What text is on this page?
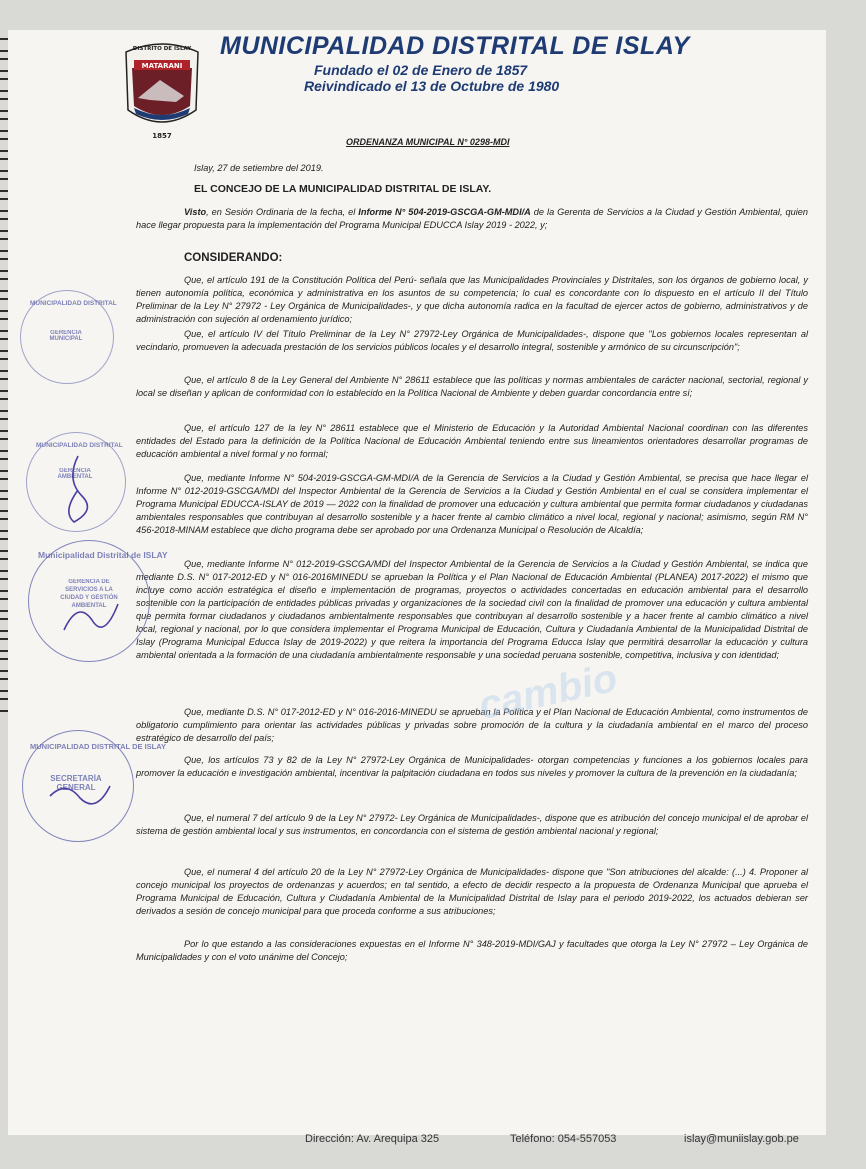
1857
DISTRITO DE ISLAY
MATARANI
MUNICIPALIDAD DISTRITAL DE ISLAY
Fundado el 02 de Enero de 1857
Reivindicado el 13 de Octubre de 1980
ORDENANZA MUNICIPAL N° 0298-MDI

Islay, 27 de setiembre del 2019.

EL CONCEJO DE LA MUNICIPALIDAD DISTRITAL DE ISLAY.

Visto, en Sesión Ordinaria de la fecha, el Informe N° 504-2019-GSCGA-GM-MDI/A de la Gerenta de Servicios a la Ciudad y Gestión Ambiental, quien hace llegar propuesta para la implementación del Programa Municipal EDUCCA Islay 2019 - 2022, y;

CONSIDERANDO:

Que, el artículo 191 de la Constitución Política del Perú- señala que las Municipalidades Provinciales y Distritales, son los órganos de gobierno local, y tienen autonomía política, económica y administrativa en los asuntos de su competencia; lo cual es concordante con lo dispuesto en el artículo II del Título Preliminar de la Ley N° 27972 - Ley Orgánica de Municipalidades-, y que dicha autonomía radica en la facultad de ejercer actos de gobierno, administrativos y de administración con sujeción al ordenamiento jurídico;

Que, el artículo IV del Título Preliminar de la Ley N° 27972-Ley Orgánica de Municipalidades-, dispone que "Los gobiernos locales representan al vecindario, promueven la adecuada prestación de los servicios públicos locales y el desarrollo integral, sostenible y armónico de su circunscripción";

Que, el artículo 8 de la Ley General del Ambiente N° 28611 establece que las políticas y normas ambientales de carácter nacional, sectorial, regional y local se diseñan y aplican de conformidad con lo establecido en la Política Nacional de Ambiente y deben guardar concordancia entre sí;

Que, el artículo 127 de la ley N° 28611 establece que el Ministerio de Educación y la Autoridad Ambiental Nacional coordinan con las diferentes entidades del Estado para la definición de la Política Nacional de Educación Ambiental teniendo entre sus lineamientos orientadores desarrollar programas de educación ambiental a nivel formal y no formal;

Que, mediante Informe N° 504-2019-GSCGA-GM-MDI/A de la Gerencia de Servicios a la Ciudad y Gestión Ambiental, se precisa que hace llegar el Informe N° 012-2019-GSCGA/MDI del Inspector Ambiental de la Gerencia de Servicios a la Ciudad y Gestión Ambiental en el cual se considera implementar el Programa Municipal EDUCCA-ISLAY de 2019 — 2022 con la finalidad de promover una educación y cultura ambiental que permita formar ciudadanos y ciudadanas ambientales responsables que contribuyan al desarrollo sostenible y a hacer frente al cambio climático a nivel local, regional y nacional; asimismo, según RM N° 456-2018-MINAM establece que dicho programa debe ser aprobado por una Ordenanza Municipal o Resolución de Alcaldía;

Que, mediante Informe N° 012-2019-GSCGA/MDI del Inspector Ambiental de la Gerencia de Servicios a la Ciudad y Gestión Ambiental, se indica que mediante D.S. N° 017-2012-ED y N° 016-2016MINEDU se aprueban la Política y el Plan Nacional de Educación Ambiental (PLANEA) 2017-2022) el mismo que incluye como acción estratégica el diseño e implementación de programas, proyectos o actividades concertadas en educación ambiental para el desarrollo sostenible con la participación de entidades públicas privadas y organizaciones de la sociedad civil con la finalidad de promover una educación y cultura ambiental que permita formar ciudadanos y ciudadanos ambientalmente responsables que contribuyan al desarrollo sostenible y a hacer frente al cambio climático a nivel local, regional y nacional, por lo que considera implementar el Programa Municipal de Educación, Cultura y Ciudadanía Ambiental de la Municipalidad Distrital de Islay (Programa Municipal Educca Islay de 2019-2022) y que reitera la importancia del Programa Educca Islay que permitirá desarrollar la educación y cultura ambiental orientada a la formación de una ciudadanía ambientalmente responsable y una sociedad peruana sostenible, competitiva, inclusiva y con identidad;

Que, mediante D.S. N° 017-2012-ED y N° 016-2016-MINEDU se aprueban la Política y el Plan Nacional de Educación Ambiental, como instrumentos de obligatorio cumplimiento para orientar las actividades públicas y privadas sobre promoción de la cultura y la ciudadanía ambiental en el marco del proceso estratégico de desarrollo del país;

Que, los artículos 73 y 82 de la Ley N° 27972-Ley Orgánica de Municipalidades- otorgan competencias y funciones a los gobiernos locales para promover la educación e investigación ambiental, incentivar la palpitación ciudadana en todos sus niveles y promover la cultura de la prevención en la ciudadanía;

Que, el numeral 7 del artículo 9 de la Ley N° 27972- Ley Orgánica de Municipalidades-, dispone que es atribución del concejo municipal el de aprobar el sistema de gestión ambiental local y sus instrumentos, en concordancia con el sistema de gestión ambiental nacional y regional;

Que, el numeral 4 del artículo 20 de la Ley N° 27972-Ley Orgánica de Municipalidades- dispone que "Son atribuciones del alcalde: (...) 4. Proponer al concejo municipal los proyectos de ordenanzas y acuerdos; en tal sentido, a efecto de decidir respecto a la propuesta de Ordenanza Municipal que aprueba el Programa Municipal de Educación, Cultura y Ciudadanía Ambiental de la Municipalidad Distrital de Islay para el periodo 2019-2022, los actuados debieran ser derivados a sesión de concejo municipal para que proceda conforme a sus atribuciones;

Por lo que estando a las consideraciones expuestas en el Informe N° 348-2019-MDI/GAJ y facultades que otorga la Ley N° 27972 – Ley Orgánica de Municipalidades y con el voto unánime del Concejo;

cambio
MUNICIPALIDAD DISTRITAL
GERENCIA MUNICIPAL
MUNICIPALIDAD DISTRITAL
GERENCIA AMBIENTAL
Municipalidad Distrital de ISLAY
GERENCIA DE SERVICIOS A LA CIUDAD Y GESTIÓN AMBIENTAL
MUNICIPALIDAD DISTRITAL DE ISLAY
SECRETARÍA GENERAL
Dirección: Av. Arequipa 325	Teléfono: 054-557053	islay@muniislay.gob.pe
